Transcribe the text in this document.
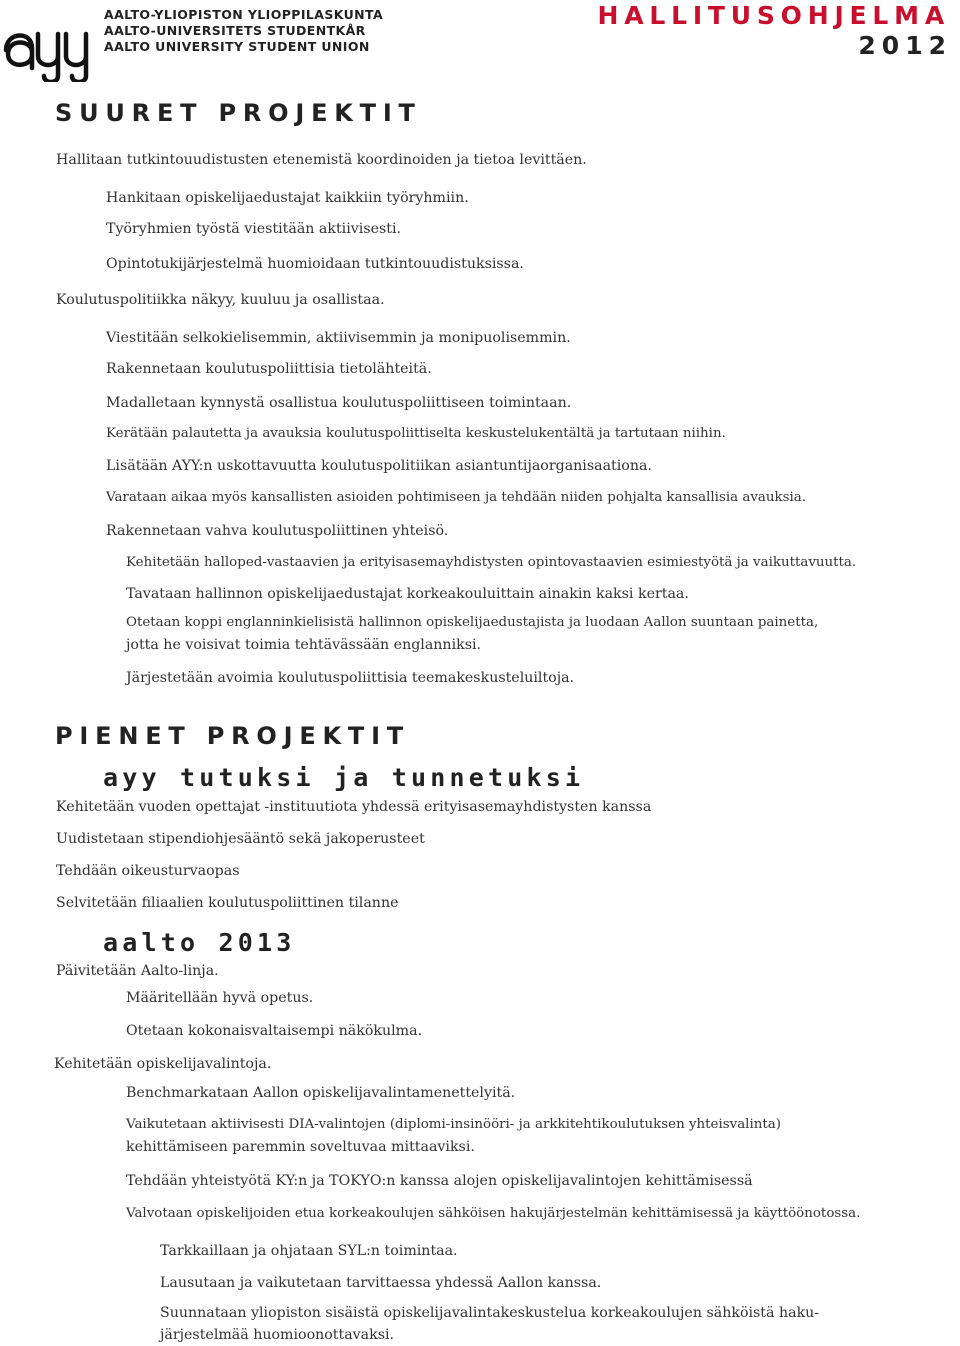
AALTO-YLIOPISTON YLIOPPILASKUNTA
AALTO-UNIVERSITETS STUDENTKÅR
AALTO UNIVERSITY STUDENT UNION
HALLITUSOHJELMA
2012
SUURET PROJEKTIT
Hallitaan tutkintouudistusten etenemistä koordinoiden ja tietoa levittäen.
Hankitaan opiskelijaedustajat kaikkiin työryhmiin.
Työryhmien työstä viestitään aktiivisesti.
Opintotukijärjestelmä huomioidaan tutkintouudistuksissa.
Koulutuspolitiikka näkyy, kuuluu ja osallistaa.
Viestitään selkokielisemmin, aktiivisemmin ja monipuolisemmin.
Rakennetaan koulutuspoliittisia tietolähteitä.
Madalletaan kynnystä osallistua koulutuspoliittiseen toimintaan.
Kerätään palautetta ja avauksia koulutuspoliittiselta keskustelukentältä ja tartutaan niihin.
Lisätään AYY:n uskottavuutta koulutuspolitiikan asiantuntijaorganisaationa.
Varataan aikaa myös kansallisten asioiden pohtimiseen ja tehdään niiden pohjalta kansallisia avauksia.
Rakennetaan vahva koulutuspoliittinen yhteisö.
Kehitetään halloped-vastaavien ja erityisasemayhdistysten opintovastaavien esimiestyötä ja vaikuttavuutta.
Tavataan hallinnon opiskelijaedustajat korkeakouluittain ainakin kaksi kertaa.
Otetaan koppi englanninkielisistä hallinnon opiskelijaedustajista ja luodaan Aallon suuntaan painetta,
jotta he voisivat toimia tehtävässään englanniksi.
Järjestetään avoimia koulutuspoliittisia teemakeskusteluiltoja.
PIENET PROJEKTIT
ayy tutuksi ja tunnetuksi
Kehitetään vuoden opettajat -instituutiota yhdessä erityisasemayhdistysten kanssa
Uudistetaan stipendiohjesääntö sekä jakoperusteet
Tehdään oikeusturvaopas
Selvitetään filiaalien koulutuspoliittinen tilanne
aalto 2013
Päivitetään Aalto-linja.
Määritellään hyvä opetus.
Otetaan kokonaisvaltaisempi näkökulma.
Kehitetään opiskelijavalintoja.
Benchmarkataan Aallon opiskelijavalintamenettelyitä.
Vaikutetaan aktiivisesti DIA-valintojen (diplomi-insinööri- ja arkkitehtikoulutuksen yhteisvalinta)
kehittämiseen paremmin soveltuvaa mittaaviksi.
Tehdään yhteistyötä KY:n ja TOKYO:n kanssa alojen opiskelijavalintojen kehittämisessä
Valvotaan opiskelijoiden etua korkeakoulujen sähköisen hakujärjestelmän kehittämisessä ja käyttöönotossa.
Tarkkaillaan ja ohjataan SYL:n toimintaa.
Lausutaan ja vaikutetaan tarvittaessa yhdessä Aallon kanssa.
Suunnataan yliopiston sisäistä opiskelijavalintakeskustelua korkeakoulujen sähköistä haku-
järjestelmää huomioonottavaksi.
